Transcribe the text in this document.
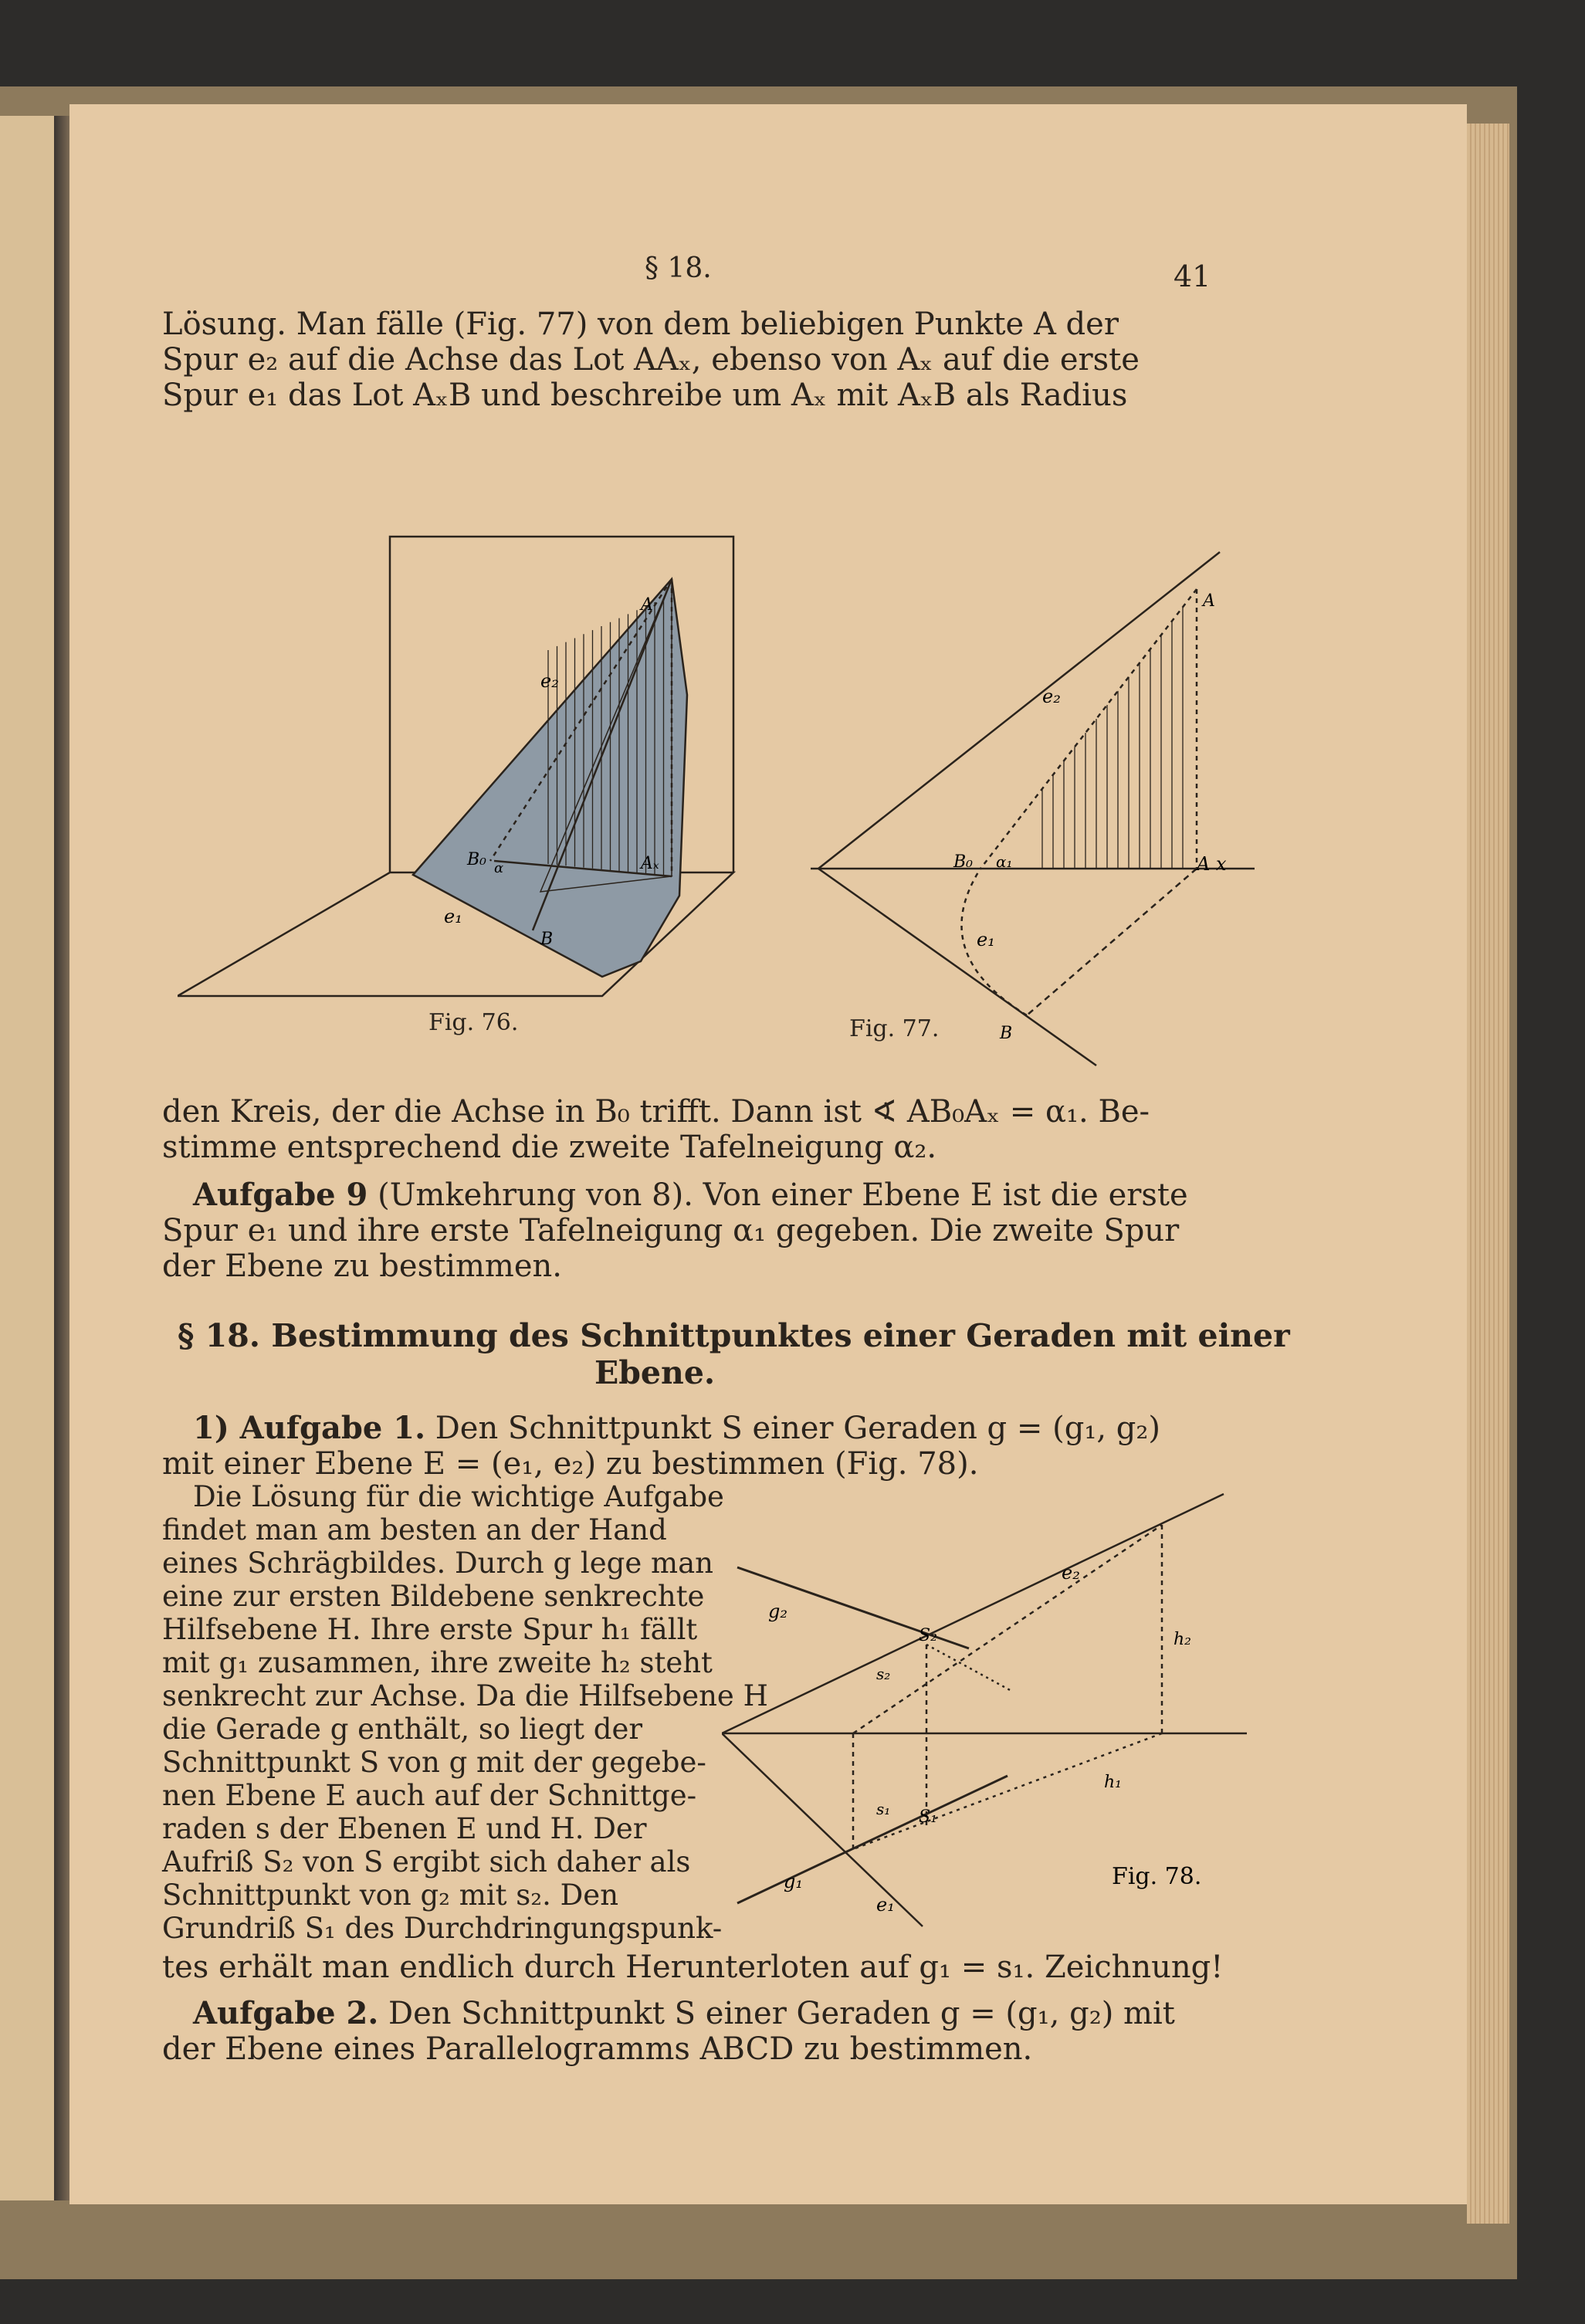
§ 18.	41
Lösung. Man fälle (Fig. 77) von dem beliebigen Punkte A der
Spur e₂ auf die Achse das Lot AAₓ, ebenso von Aₓ auf die erste
Spur e₁ das Lot AₓB und beschreibe um Aₓ mit AₓB als Radius
A
e₂
B₀ α	Aₓ
e₁
B
Fig. 76.
A
e₂
B₀ α₁	A x
e₁
B
Fig. 77.
den Kreis, der die Achse in B₀ trifft. Dann ist ∢ AB₀Aₓ = α₁. Be-
stimme entsprechend die zweite Tafelneigung α₂.
Aufgabe 9 (Umkehrung von 8). Von einer Ebene E ist die erste
Spur e₁ und ihre erste Tafelneigung α₁ gegeben. Die zweite Spur
der Ebene zu bestimmen.
§ 18. Bestimmung des Schnittpunktes einer Geraden mit einer
Ebene.
1) Aufgabe 1. Den Schnittpunkt S einer Geraden g = (g₁, g₂)
mit einer Ebene E = (e₁, e₂) zu bestimmen (Fig. 78).
Die Lösung für die wichtige Aufgabe
findet man am besten an der Hand
eines Schrägbildes. Durch g lege man
eine zur ersten Bildebene senkrechte
Hilfsebene H. Ihre erste Spur h₁ fällt
mit g₁ zusammen, ihre zweite h₂ steht
senkrecht zur Achse. Da die Hilfsebene H
die Gerade g enthält, so liegt der
Schnittpunkt S von g mit der gegebe-
nen Ebene E auch auf der Schnittge-
raden s der Ebenen E und H. Der
Aufriß S₂ von S ergibt sich daher als
Schnittpunkt von g₂ mit s₂. Den
Grundriß S₁ des Durchdringungspunk-
g₂
e₂
S₂	h₂
s₂
h₁
s₁ S₁
g₁
e₁
Fig. 78.
tes erhält man endlich durch Herunterloten auf g₁ = s₁. Zeichnung!
Aufgabe 2. Den Schnittpunkt S einer Geraden g = (g₁, g₂) mit
der Ebene eines Parallelogramms ABCD zu bestimmen.
